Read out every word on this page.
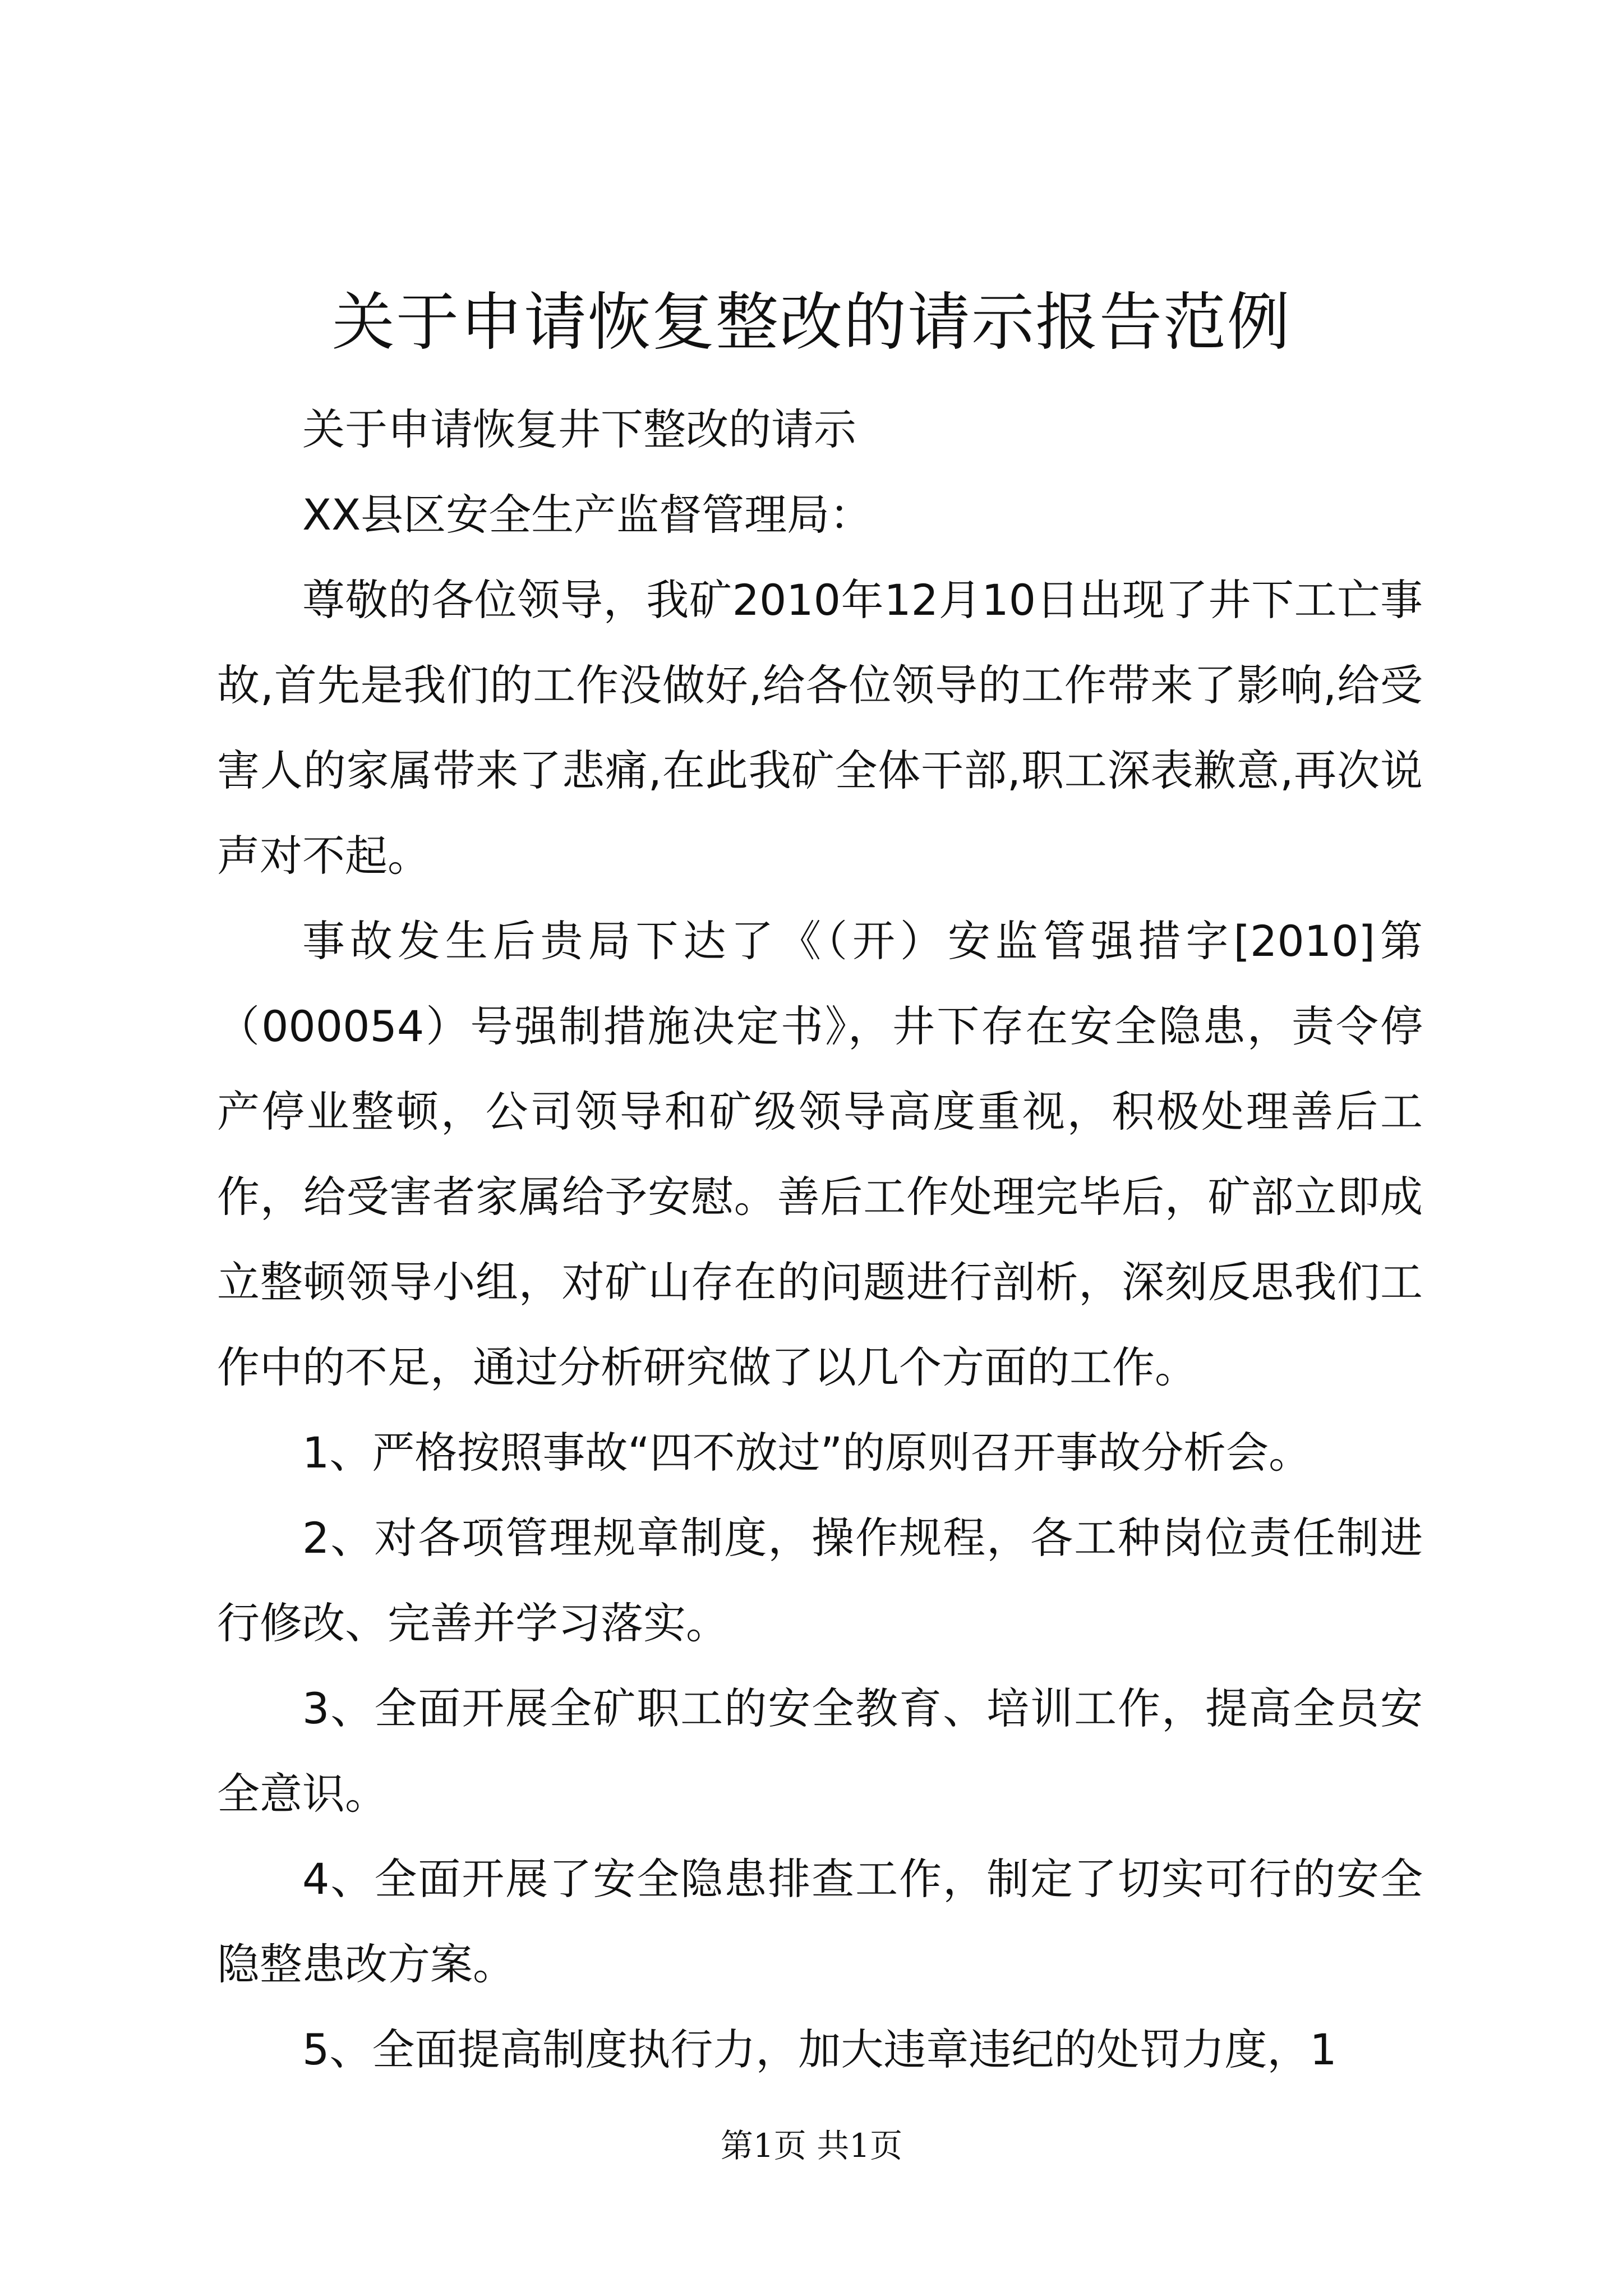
关于申请恢复整改的请示报告范例

关于申请恢复井下整改的请示

XX县区安全生产监督管理局：

尊敬的各位领导，我矿2010年12月10日出现了井下工亡事故,首先是我们的工作没做好,给各位领导的工作带来了影响,给受害人的家属带来了悲痛,在此我矿全体干部,职工深表歉意,再次说声对不起。

事故发生后贵局下达了《（开）安监管强措字[2010]第（000054）号强制措施决定书》，井下存在安全隐患，责令停产停业整顿，公司领导和矿级领导高度重视，积极处理善后工作，给受害者家属给予安慰。善后工作处理完毕后，矿部立即成立整顿领导小组，对矿山存在的问题进行剖析，深刻反思我们工作中的不足，通过分析研究做了以几个方面的工作。

1、严格按照事故“四不放过”的原则召开事故分析会。

2、对各项管理规章制度，操作规程，各工种岗位责任制进行修改、完善并学习落实。

3、全面开展全矿职工的安全教育、培训工作，提高全员安全意识。

4、全面开展了安全隐患排查工作，制定了切实可行的安全隐整患改方案。

5、全面提高制度执行力，加大违章违纪的处罚力度，1

第1页 共1页
